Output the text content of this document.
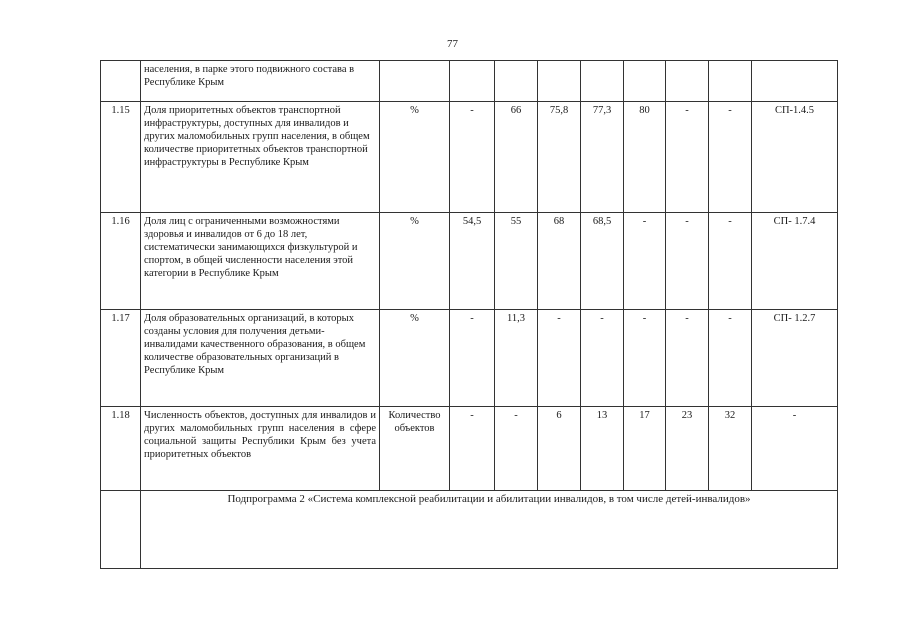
77
	населения, в парке этого подвижного состава в Республике Крым									
1.15	Доля приоритетных объектов транспортной инфраструктуры, доступных для инвалидов и других маломобильных групп населения, в общем количестве приоритетных объектов транспортной инфраструктуры в Республике Крым	%	-	66	75,8	77,3	80	-	-	СП-1.4.5
1.16	Доля лиц с ограниченными возможностями здоровья и инвалидов от 6 до 18 лет, систематически занимающихся физкультурой и спортом, в общей численности населения этой категории в Республике Крым	%	54,5	55	68	68,5	-	-	-	СП- 1.7.4
1.17	Доля образовательных организаций, в которых созданы условия для получения детьми-инвалидами качественного образования, в общем количестве образовательных организаций в Республике Крым	%	-	11,3	-	-	-	-	-	СП- 1.2.7
1.18	Численность объектов, доступных для инвалидов и других маломобильных групп населения в сфере социальной защиты Республики Крым без учета приоритетных объектов	Количество объектов	-	-	6	13	17	23	32	-
	Подпрограмма 2 «Система комплексной реабилитации и абилитации инвалидов, в том числе детей-инвалидов»									
